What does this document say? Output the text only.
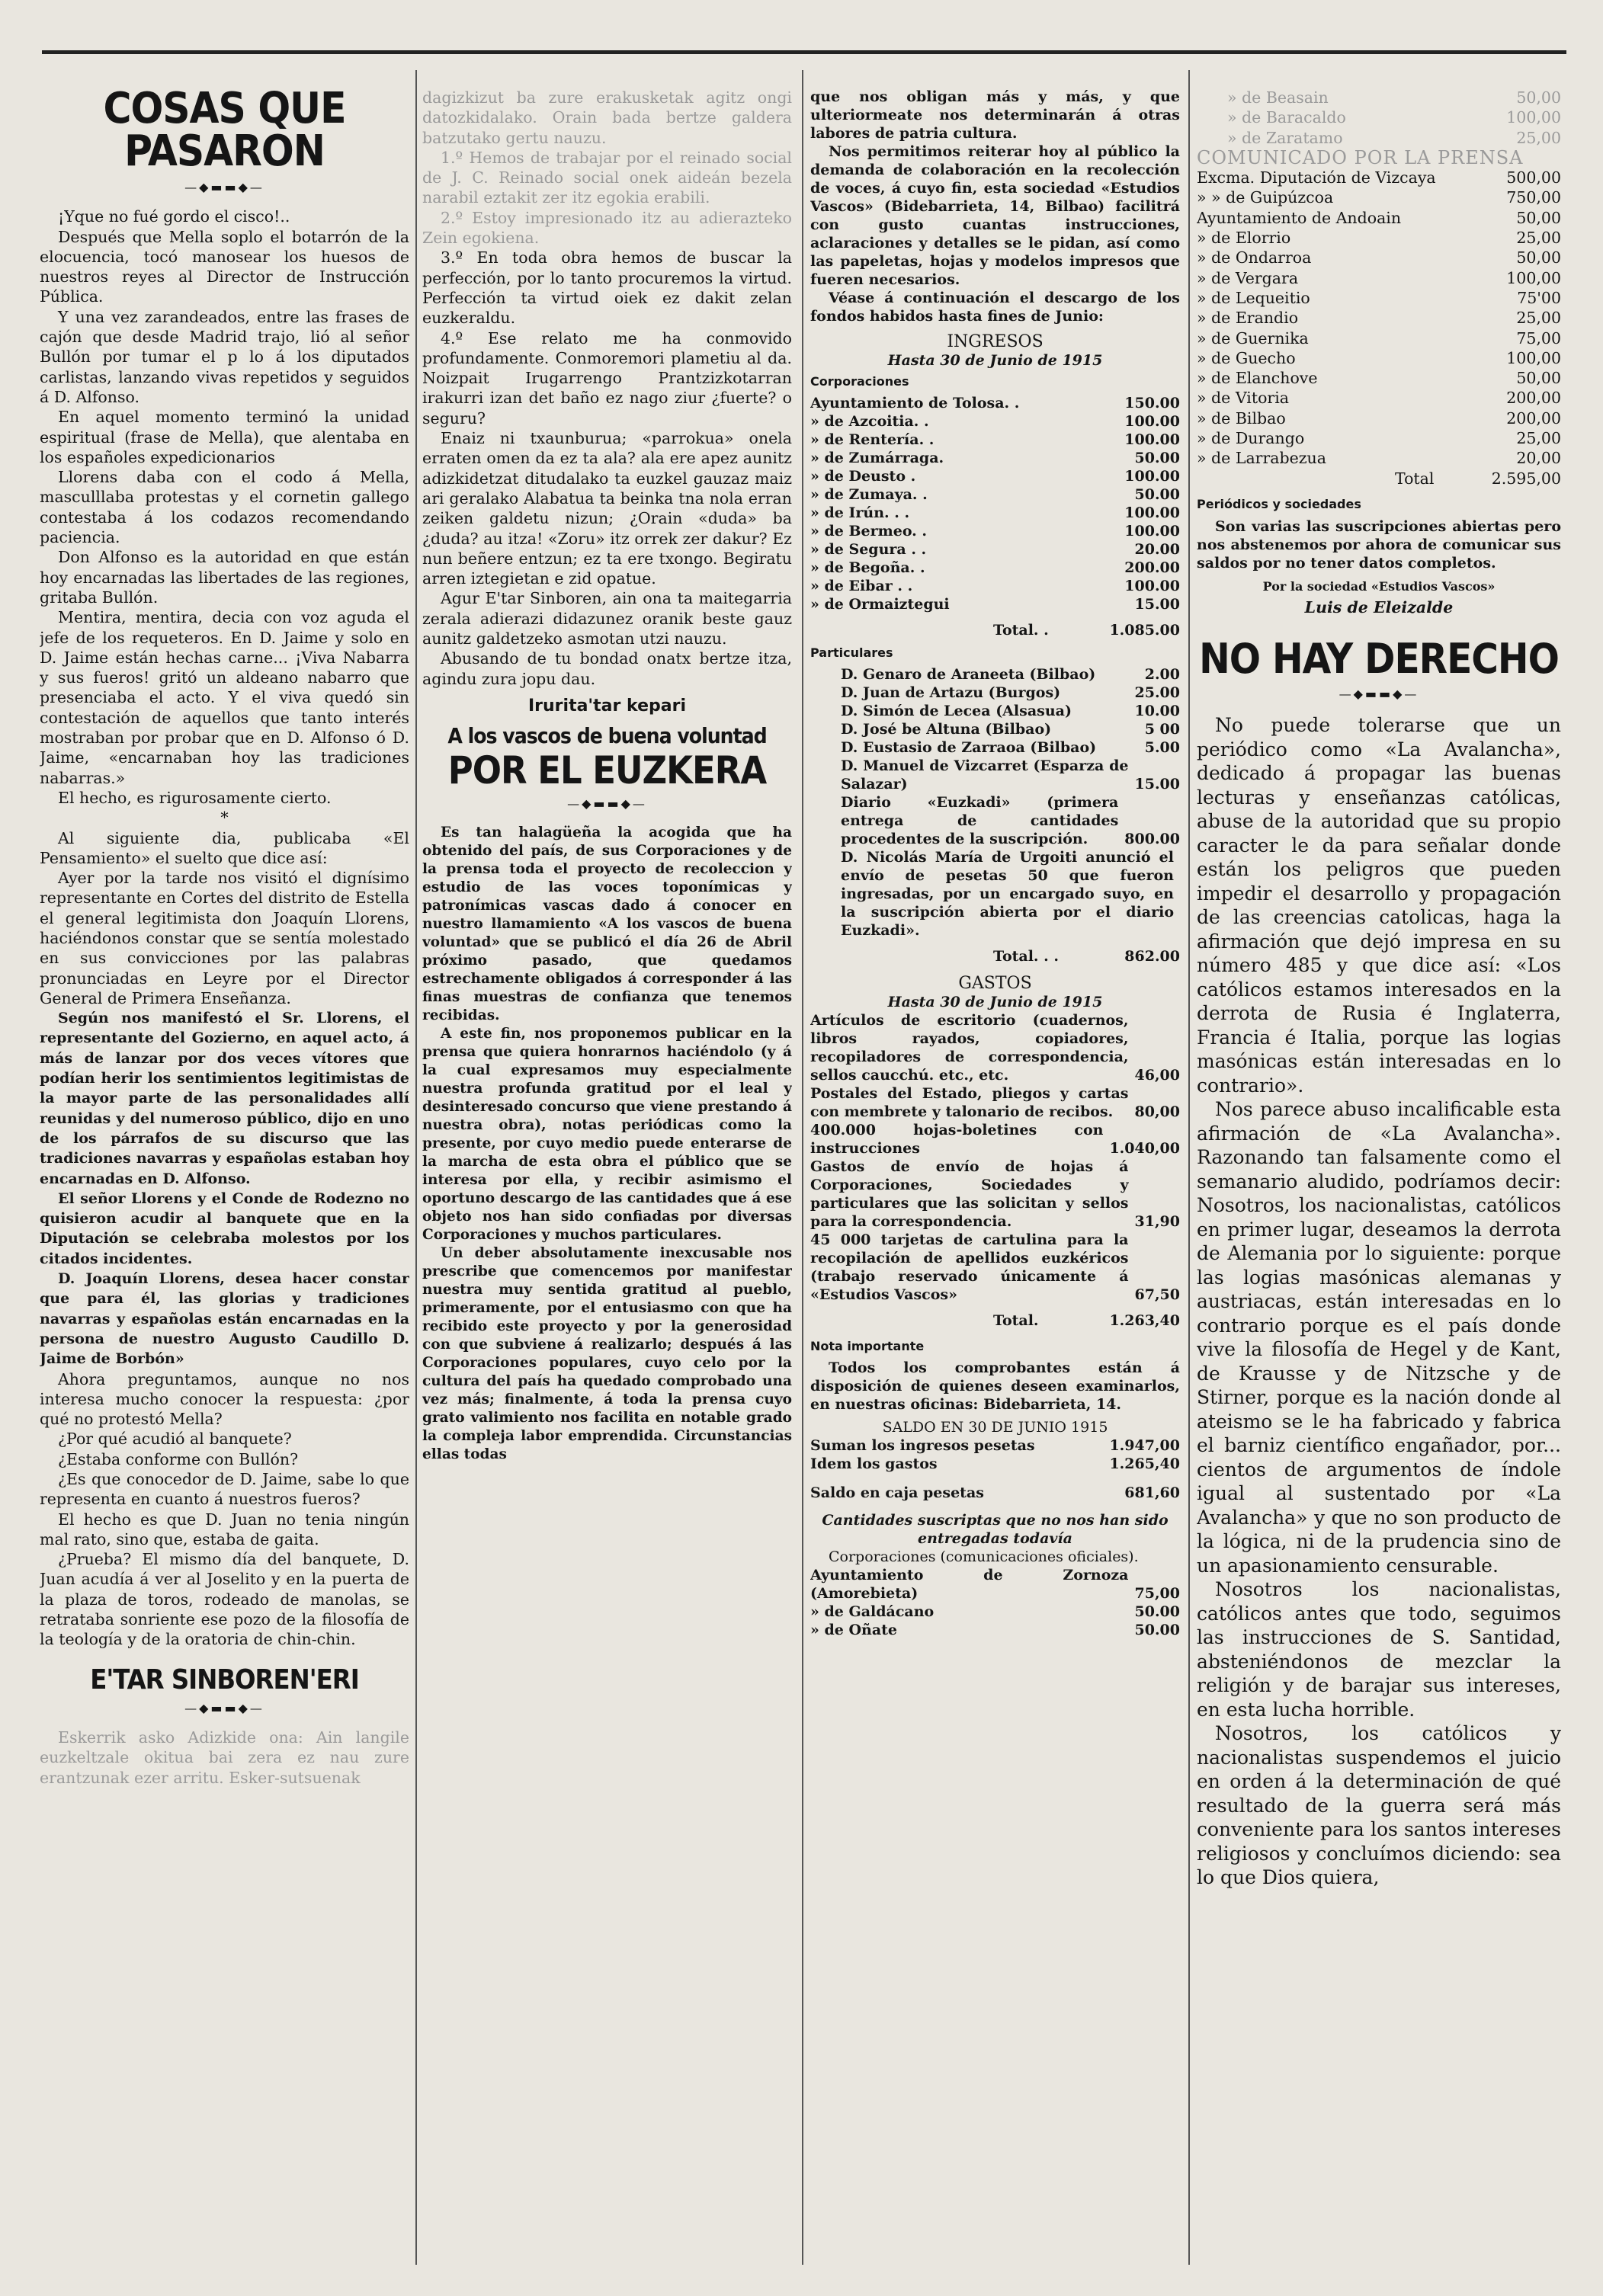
COSAS QUE PASARON
—◆▬▬◆—

¡Yque no fué gordo el cisco!..

Después que Mella soplo el botarrón de la elocuencia, tocó manosear los huesos de nuestros reyes al Director de Instrucción Pública.

Y una vez zarandeados, entre las frases de cajón que desde Madrid trajo, lió al señor Bullón por tumar el p lo á los diputados carlistas, lanzando vivas repetidos y seguidos á D. Alfonso.

En aquel momento terminó la unidad espiritual (frase de Mella), que alentaba en los españoles expedicionarios

Llorens daba con el codo á Mella, masculllaba protestas y el cornetin gallego contestaba á los codazos recomendando paciencia.

Don Alfonso es la autoridad en que están hoy encarnadas las libertades de las regiones, gritaba Bullón.

Mentira, mentira, decia con voz aguda el jefe de los requeteros. En D. Jaime y solo en D. Jaime están hechas carne... ¡Viva Nabarra y sus fueros! gritó un aldeano nabarro que presenciaba el acto. Y el viva quedó sin contestación de aquellos que tanto interés mostraban por probar que en D. Alfonso ó D. Jaime, «encarnaban hoy las tradiciones nabarras.»

El hecho, es rigurosamente cierto.

*

Al siguiente dia, publicaba «El Pensamiento» el suelto que dice así:

Ayer por la tarde nos visitó el dignísimo representante en Cortes del distrito de Estella el general legitimista don Joaquín Llorens, haciéndonos constar que se sentía molestado en sus convicciones por las palabras pronunciadas en Leyre por el Director General de Primera Enseñanza.

Según nos manifestó el Sr. Llorens, el representante del Gozierno, en aquel acto, á más de lanzar por dos veces vítores que podían herir los sentimientos legitimistas de la mayor parte de las personalidades allí reunidas y del numeroso público, dijo en uno de los párrafos de su discurso que las tradiciones navarras y españolas estaban hoy encarnadas en D. Alfonso.

El señor Llorens y el Conde de Rodezno no quisieron acudir al banquete que en la Diputación se celebraba molestos por los citados incidentes.

D. Joaquín Llorens, desea hacer constar que para él, las glorias y tradiciones navarras y españolas están encarnadas en la persona de nuestro Augusto Caudillo D. Jaime de Borbón»

Ahora preguntamos, aunque no nos interesa mucho conocer la respuesta: ¿por qué no protestó Mella?

¿Por qué acudió al banquete?

¿Estaba conforme con Bullón?

¿Es que conocedor de D. Jaime, sabe lo que representa en cuanto á nuestros fueros?

El hecho es que D. Juan no tenia ningún mal rato, sino que, estaba de gaita.

¿Prueba? El mismo día del banquete, D. Juan acudía á ver al Joselito y en la puerta de la plaza de toros, rodeado de manolas, se retrataba sonriente ese pozo de la filosofía de la teología y de la oratoria de chin-chin.

E'TAR SINBOREN'ERI
—◆▬▬◆—

Eskerrik asko Adizkide ona: Ain langile euzkeltzale okitua bai zera ez nau zure erantzunak ezer arritu. Esker-sutsuenak

dagizkizut ba zure erakusketak agitz ongi datozkidalako. Orain bada bertze galdera batzutako gertu nauzu.

1.º Hemos de trabajar por el reinado social de J. C. Reinado social onek aideán bezela narabil eztakit zer itz egokia erabili.

2.º Estoy impresionado itz au adierazteko Zein egokiena.

3.º En toda obra hemos de buscar la perfección, por lo tanto procuremos la virtud. Perfección ta virtud oiek ez dakit zelan euzkeraldu.

4.º Ese relato me ha conmovido profundamente. Conmoremori plametiu al da. Noizpait Irugarrengo Prantzizkotarran irakurri izan det baño ez nago ziur ¿fuerte? o seguru?

Enaiz ni txaunburua; «parrokua» onela erraten omen da ez ta ala? ala ere apez aunitz adizkidetzat ditudalako ta euzkel gauzaz maiz ari geralako Alabatua ta beinka tna nola erran zeiken galdetu nizun; ¿Orain «duda» ba ¿duda? au itza! «Zoru» itz orrek zer dakur? Ez nun beñere entzun; ez ta ere txongo. Begiratu arren iztegietan e zid opatue.

Agur E'tar Sinboren, ain ona ta maitegarria zerala adierazi didazunez oranik beste gauz aunitz galdetzeko asmotan utzi nauzu.

Abusando de tu bondad onatx bertze itza, agindu zura jopu dau.

Irurita'tar kepari
A los vascos de buena voluntad
POR EL EUZKERA
—◆▬▬◆—

Es tan halagüeña la acogida que ha obtenido del país, de sus Corporaciones y de la prensa toda el proyecto de recoleccion y estudio de las voces toponímicas y patronímicas vascas dado á conocer en nuestro llamamiento «A los vascos de buena voluntad» que se publicó el día 26 de Abril próximo pasado, que quedamos estrechamente obligados á corresponder á las finas muestras de confianza que tenemos recibidas.

A este fin, nos proponemos publicar en la prensa que quiera honrarnos haciéndolo (y á la cual expresamos muy especialmente nuestra profunda gratitud por el leal y desinteresado concurso que viene prestando á nuestra obra), notas periódicas como la presente, por cuyo medio puede enterarse de la marcha de esta obra el público que se interesa por ella, y recibir asimismo el oportuno descargo de las cantidades que á ese objeto nos han sido confiadas por diversas Corporaciones y muchos particulares.

Un deber absolutamente inexcusable nos prescribe que comencemos por manifestar nuestra muy sentida gratitud al pueblo, primeramente, por el entusiasmo con que ha recibido este proyecto y por la generosidad con que subviene á realizarlo; después á las Corporaciones populares, cuyo celo por la cultura del país ha quedado comprobado una vez más; finalmente, á toda la prensa cuyo grato valimiento nos facilita en notable grado la compleja labor emprendida. Circunstancias ellas todas

que nos obligan más y más, y que ulteriormeate nos determinarán á otras labores de patria cultura.

Nos permitimos reiterar hoy al público la demanda de colaboración en la recolección de voces, á cuyo fin, esta sociedad «Estudios Vascos» (Bidebarrieta, 14, Bilbao) facilitrá con gusto cuantas instrucciones, aclaraciones y detalles se le pidan, así como las papeletas, hojas y modelos impresos que fueren necesarios.

Véase á continuación el descargo de los fondos habidos hasta fines de Junio:

INGRESOS
Hasta 30 de Junio de 1915
Corporaciones
Ayuntamiento de Tolosa. .	150.00
» de Azcoitia. .	100.00
» de Rentería. .	100.00
» de Zumárraga.	50.00
» de Deusto .	100.00
» de Zumaya. .	50.00
» de Irún. . .	100.00
» de Bermeo. .	100.00
» de Segura . .	20.00
» de Begoña. .	200.00
» de Eibar . .	100.00
» de Ormaiztegui	15.00
Total. .	1.085.00
Particulares
D. Genaro de Araneeta (Bilbao)	2.00
D. Juan de Artazu (Burgos)	25.00
D. Simón de Lecea (Alsasua)	10.00
D. José be Altuna (Bilbao)	5 00
D. Eustasio de Zarraoa (Bilbao)	5.00
D. Manuel de Vizcarret (Esparza de Salazar)	15.00
Diario «Euzkadi» (primera entrega de cantidades procedentes de la suscripción.	800.00
D. Nicolás María de Urgoiti anunció el envío de pesetas 50 que fueron ingresadas, por un encargado suyo, en la suscripción abierta por el diario Euzkadi».
Total. . .	862.00
GASTOS
Hasta 30 de Junio de 1915
Artículos de escritorio (cuadernos, libros rayados, copiadores, recopiladores de correspondencia, sellos caucchú. etc., etc.	46,00
Postales del Estado, pliegos y cartas con membrete y talonario de recibos.	80,00
400.000 hojas-boletines con instrucciones	1.040,00
Gastos de envío de hojas á Corporaciones, Sociedades y particulares que las solicitan y sellos para la correspondencia.	31,90
45 000 tarjetas de cartulina para la recopilación de apellidos euzkéricos (trabajo reservado únicamente á «Estudios Vascos»	67,50
Total.	1.263,40
Nota importante

Todos los comprobantes están á disposición de quienes deseen examinarlos, en nuestras oficinas: Bidebarrieta, 14.

SALDO EN 30 DE JUNIO 1915
Suman los ingresos pesetas	1.947,00
Idem los gastos	1.265,40
Saldo en caja pesetas	681,60
Cantidades suscriptas que no nos han sido entregadas todavía

Corporaciones (comunicaciones oficiales).

Ayuntamiento de Zornoza (Amorebieta)	75,00
» de Galdácano	50.00
» de Oñate	50.00
» de Beasain	50,00
» de Baracaldo	100,00
» de Zaratamo	25,00
COMUNICADO POR LA PRENSA
Excma. Diputación de Vizcaya	500,00
» » de Guipúzcoa	750,00
Ayuntamiento de Andoain	50,00
» de Elorrio	25,00
» de Ondarroa	50,00
» de Vergara	100,00
» de Lequeitio	75'00
» de Erandio	25,00
» de Guernika	75,00
» de Guecho	100,00
» de Elanchove	50,00
» de Vitoria	200,00
» de Bilbao	200,00
» de Durango	25,00
» de Larrabezua	20,00
Total	2.595,00
Periódicos y sociedades

Son varias las suscripciones abiertas pero nos abstenemos por ahora de comunicar sus saldos por no tener datos completos.

Por la sociedad «Estudios Vascos»
Luis de Eleizalde
NO HAY DERECHO
—◆▬▬◆—

No puede tolerarse que un periódico como «La Avalancha», dedicado á propagar las buenas lecturas y enseñanzas católicas, abuse de la autoridad que su propio caracter le da para señalar donde están los peligros que pueden impedir el desarrollo y propagación de las creencias catolicas, haga la afirmación que dejó impresa en su número 485 y que dice así: «Los católicos estamos interesados en la derrota de Rusia é Inglaterra, Francia é Italia, porque las logias masónicas están interesadas en lo contrario».

Nos parece abuso incalificable esta afirmación de «La Avalancha». Razonando tan falsamente como el semanario aludido, podríamos decir: Nosotros, los nacionalistas, católicos en primer lugar, deseamos la derrota de Alemania por lo siguiente: porque las logias masónicas alemanas y austriacas, están interesadas en lo contrario porque es el país donde vive la filosofía de Hegel y de Kant, de Krausse y de Nitzsche y de Stirner, porque es la nación donde al ateismo se le ha fabricado y fabrica el barniz científico engañador, por... cientos de argumentos de índole igual al sustentado por «La Avalancha» y que no son producto de la lógica, ni de la prudencia sino de un apasionamiento censurable.

Nosotros los nacionalistas, católicos antes que todo, seguimos las instrucciones de S. Santidad, absteniéndonos de mezclar la religión y de barajar sus intereses, en esta lucha horrible.

Nosotros, los católicos y nacionalistas suspendemos el juicio en orden á la determinación de qué resultado de la guerra será más conveniente para los santos intereses religiosos y concluímos diciendo: sea lo que Dios quiera,
